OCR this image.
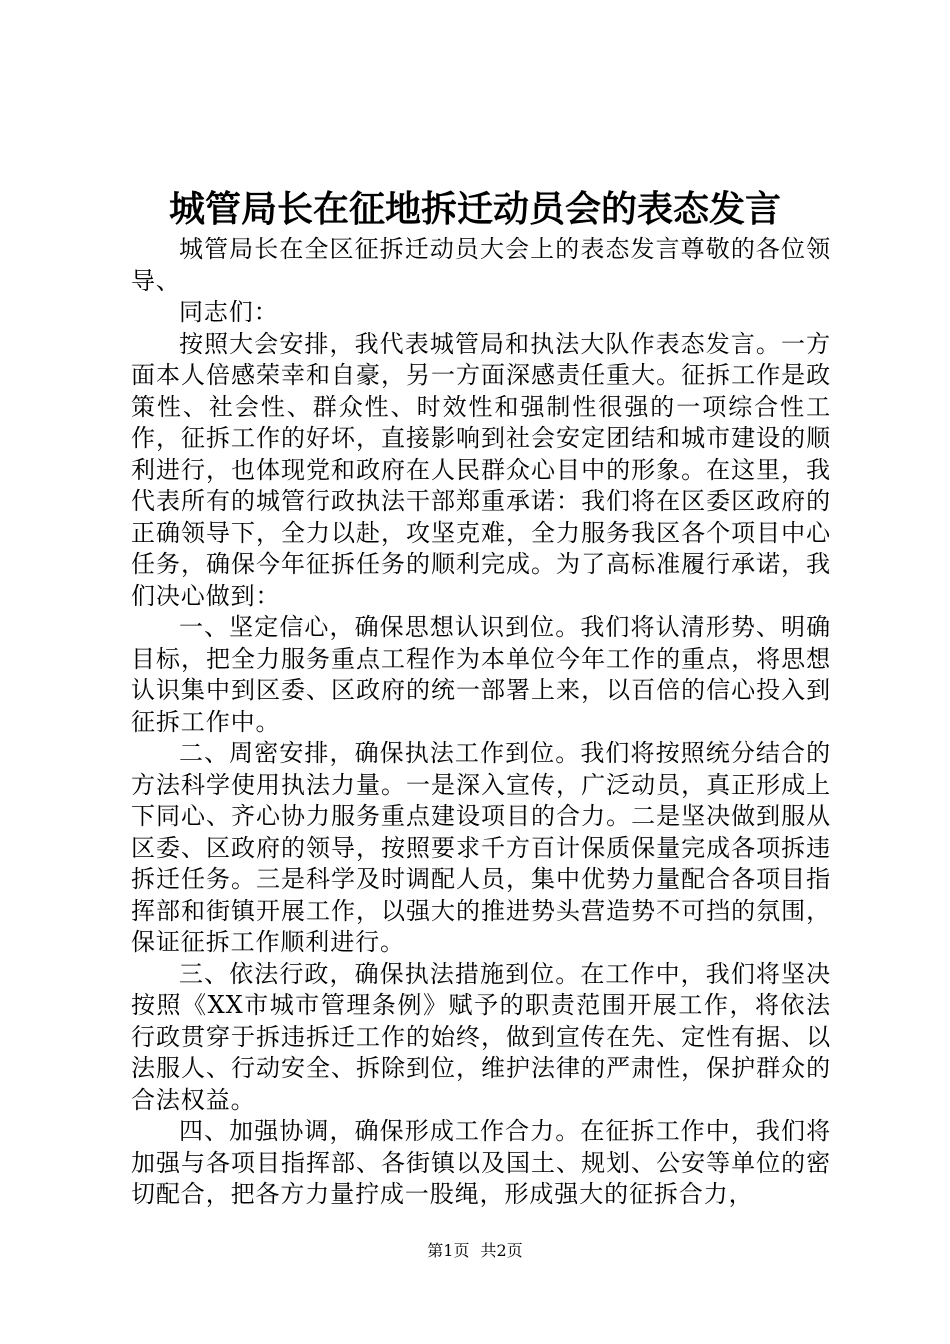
城管局长在征地拆迁动员会的表态发言

城管局长在全区征拆迁动员大会上的表态发言尊敬的各位领导、

同志们：

按照大会安排，我代表城管局和执法大队作表态发言。一方面本人倍感荣幸和自豪，另一方面深感责任重大。征拆工作是政策性、社会性、群众性、时效性和强制性很强的一项综合性工作，征拆工作的好坏，直接影响到社会安定团结和城市建设的顺利进行，也体现党和政府在人民群众心目中的形象。在这里，我代表所有的城管行政执法干部郑重承诺：我们将在区委区政府的正确领导下，全力以赴，攻坚克难，全力服务我区各个项目中心任务，确保今年征拆任务的顺利完成。为了高标准履行承诺，我们决心做到：

一、坚定信心，确保思想认识到位。我们将认清形势、明确目标，把全力服务重点工程作为本单位今年工作的重点，将思想认识集中到区委、区政府的统一部署上来，以百倍的信心投入到征拆工作中。

二、周密安排，确保执法工作到位。我们将按照统分结合的方法科学使用执法力量。一是深入宣传，广泛动员，真正形成上下同心、齐心协力服务重点建设项目的合力。二是坚决做到服从区委、区政府的领导，按照要求千方百计保质保量完成各项拆违拆迁任务。三是科学及时调配人员，集中优势力量配合各项目指挥部和街镇开展工作，以强大的推进势头营造势不可挡的氛围，保证征拆工作顺利进行。

三、依法行政，确保执法措施到位。在工作中，我们将坚决按照《XX市城市管理条例》赋予的职责范围开展工作，将依法行政贯穿于拆违拆迁工作的始终，做到宣传在先、定性有据、以法服人、行动安全、拆除到位，维护法律的严肃性，保护群众的合法权益。

四、加强协调，确保形成工作合力。在征拆工作中，我们将加强与各项目指挥部、各街镇以及国土、规划、公安等单位的密切配合，把各方力量拧成一股绳，形成强大的征拆合力，

第1页 共2页
